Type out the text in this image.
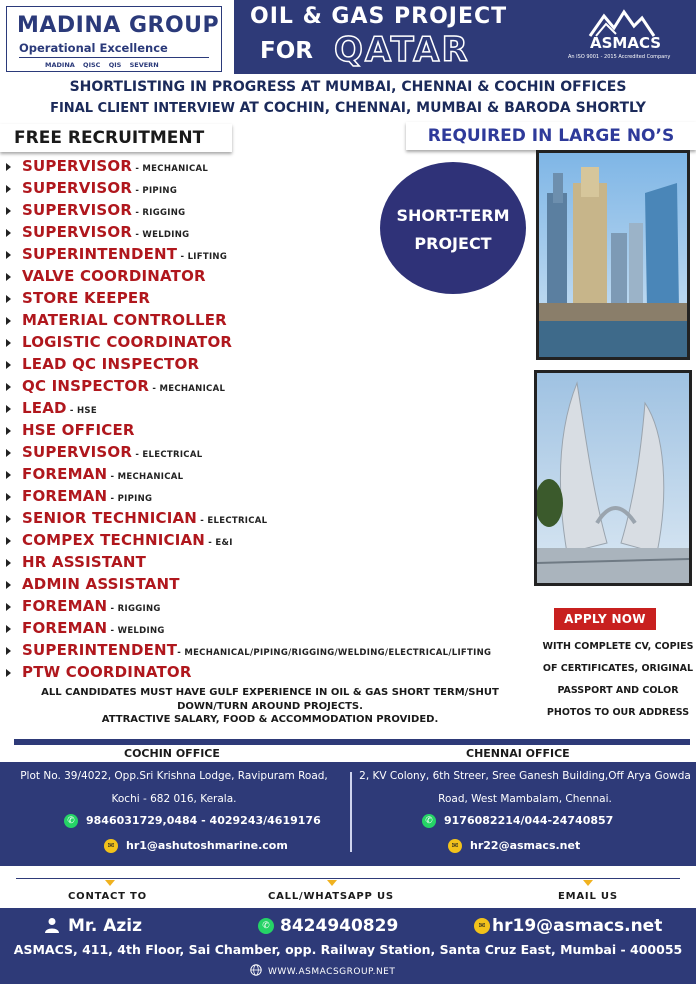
MADINA GROUP
Operational Excellence
MADINA QISC QIS SEVERN
OIL & GAS PROJECT
FOR QATAR	ASMACS
An ISO 9001 - 2015 Accredited Company
SHORTLISTING IN PROGRESS AT MUMBAI, CHENNAI & COCHIN OFFICES
FINAL CLIENT INTERVIEW AT COCHIN, CHENNAI, MUMBAI & BARODA SHORTLY
FREE RECRUITMENT	REQUIRED IN LARGE NO’S
SUPERVISOR - MECHANICAL
SUPERVISOR - PIPING
SUPERVISOR - RIGGING
SUPERVISOR - WELDING
SUPERINTENDENT - LIFTING
VALVE COORDINATOR
STORE KEEPER
MATERIAL CONTROLLER
LOGISTIC COORDINATOR
LEAD QC INSPECTOR
QC INSPECTOR - MECHANICAL
LEAD - HSE
HSE OFFICER
SUPERVISOR - ELECTRICAL
FOREMAN - MECHANICAL
FOREMAN - PIPING
SENIOR TECHNICIAN - ELECTRICAL
COMPEX TECHNICIAN - E&I
HR ASSISTANT
ADMIN ASSISTANT
FOREMAN - RIGGING
FOREMAN - WELDING
SUPERINTENDENT- MECHANICAL/PIPING/RIGGING/WELDING/ELECTRICAL/LIFTING
PTW COORDINATOR
SHORT-TERM
PROJECT
APPLY NOW
WITH COMPLETE CV, COPIES
OF CERTIFICATES, ORIGINAL
PASSPORT AND COLOR
PHOTOS TO OUR ADDRESS
ALL CANDIDATES MUST HAVE GULF EXPERIENCE IN OIL & GAS SHORT TERM/SHUT
DOWN/TURN AROUND PROJECTS.
ATTRACTIVE SALARY, FOOD & ACCOMMODATION PROVIDED.
COCHIN OFFICE	CHENNAI OFFICE
Plot No. 39/4022, Opp.Sri Krishna Lodge, Ravipuram Road,
Kochi - 682 016, Kerala.
✆ 9846031729,0484 - 4029243/4619176
✉ hr1@ashutoshmarine.com
2, KV Colony, 6th Streer, Sree Ganesh Building,Off Arya Gowda
Road, West Mambalam, Chennai.
✆ 9176082214/044-24740857
✉ hr22@asmacs.net
CONTACT TO	CALL/WHATSAPP US	EMAIL US
Mr. Aziz	✆ 8424940829	✉ hr19@asmacs.net
ASMACS, 411, 4th Floor, Sai Chamber, opp. Railway Station, Santa Cruz East, Mumbai - 400055
WWW.ASMACSGROUP.NET
